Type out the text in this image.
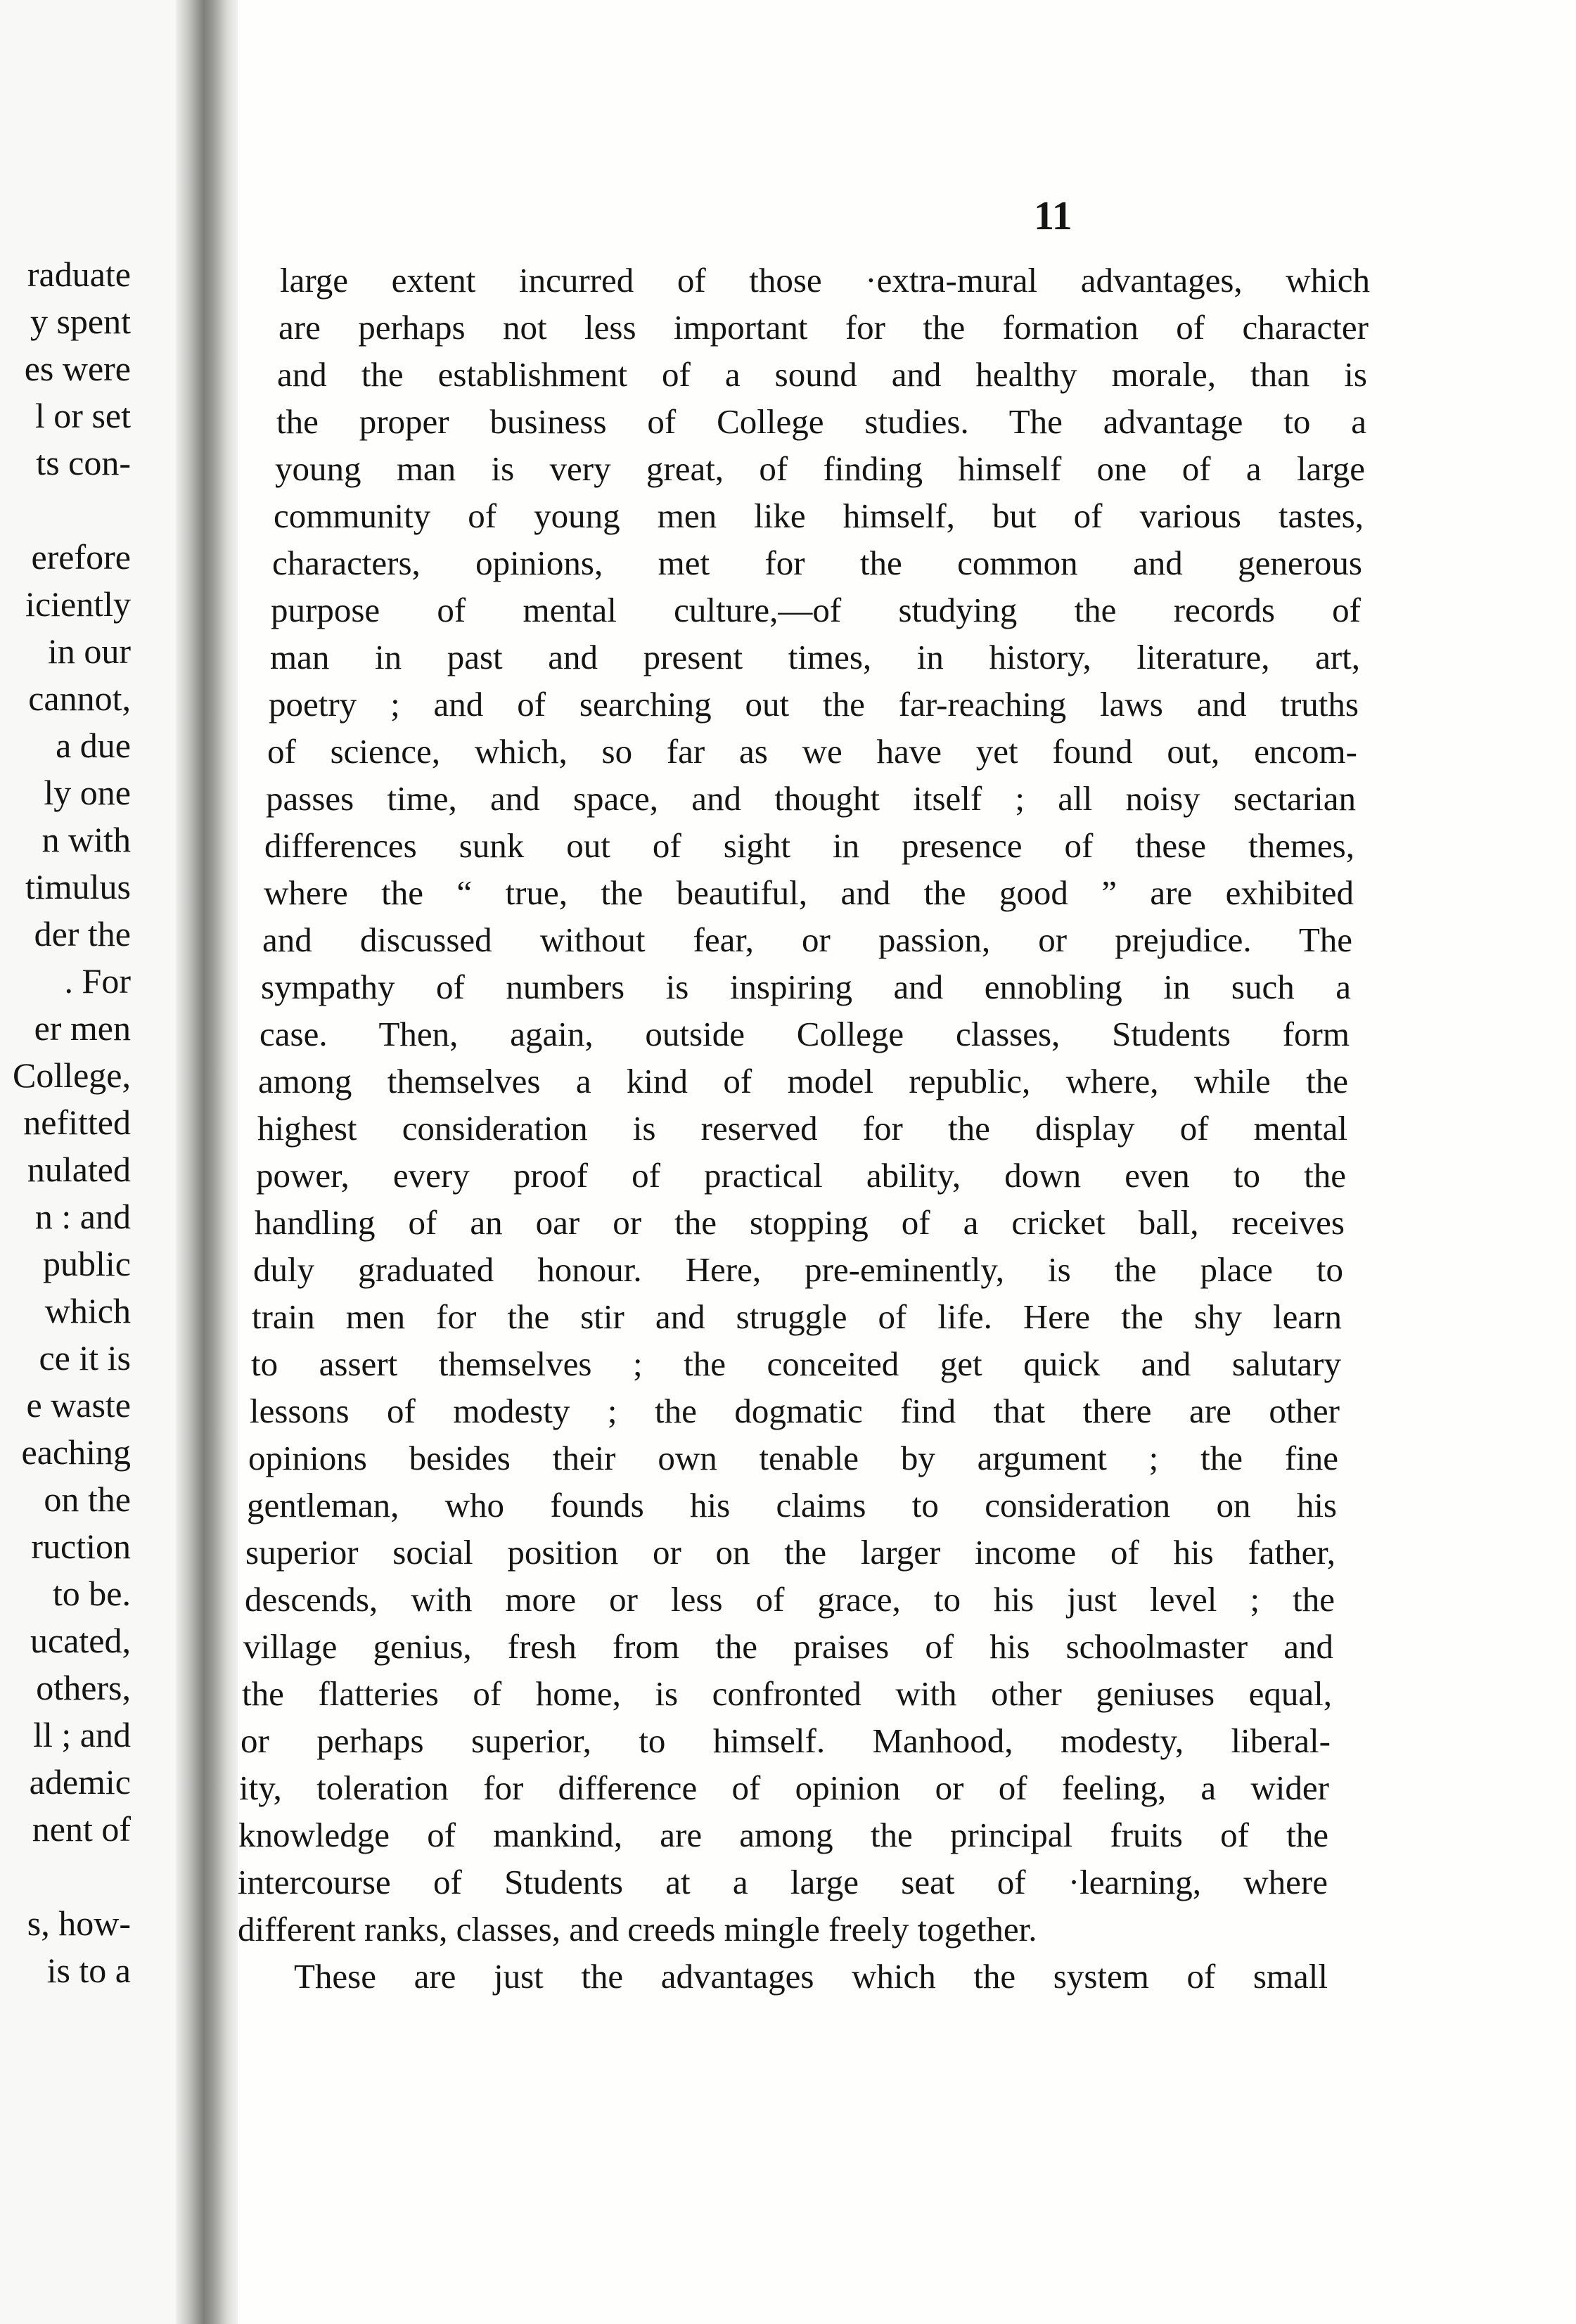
raduate

y spent

es were

l or set

ts con-

erefore

iciently

in our

cannot,

a due

ly one

n with

timulus

der the

. For

er men

College,

nefitted

nulated

n : and

public

which

ce it is

e waste

eaching

on the

ruction

to be.

ucated,

others,

ll ; and

ademic

nent of

s, how-

is to a

11

large extent incurred of those ·extra-mural advantages, which

are perhaps not less important for the formation of character

and the establishment of a sound and healthy morale, than is

the proper business of College studies. The advantage to a

young man is very great, of finding himself one of a large

community of young men like himself, but of various tastes,

characters, opinions, met for the common and generous

purpose of mental culture,—of studying the records of

man in past and present times, in history, literature, art,

poetry ; and of searching out the far-reaching laws and truths

of science, which, so far as we have yet found out, encom-

passes time, and space, and thought itself ; all noisy sectarian

differences sunk out of sight in presence of these themes,

where the “ true, the beautiful, and the good ” are exhibited

and discussed without fear, or passion, or prejudice. The

sympathy of numbers is inspiring and ennobling in such a

case. Then, again, outside College classes, Students form

among themselves a kind of model republic, where, while the

highest consideration is reserved for the display of mental

power, every proof of practical ability, down even to the

handling of an oar or the stopping of a cricket ball, receives

duly graduated honour. Here, pre-eminently, is the place to

train men for the stir and struggle of life. Here the shy learn

to assert themselves ; the conceited get quick and salutary

lessons of modesty ; the dogmatic find that there are other

opinions besides their own tenable by argument ; the fine

gentleman, who founds his claims to consideration on his

superior social position or on the larger income of his father,

descends, with more or less of grace, to his just level ; the

village genius, fresh from the praises of his schoolmaster and

the flatteries of home, is confronted with other geniuses equal,

or perhaps superior, to himself. Manhood, modesty, liberal-

ity, toleration for difference of opinion or of feeling, a wider

knowledge of mankind, are among the principal fruits of the

intercourse of Students at a large seat of ·learning, where

different ranks, classes, and creeds mingle freely together.

These are just the advantages which the system of small
